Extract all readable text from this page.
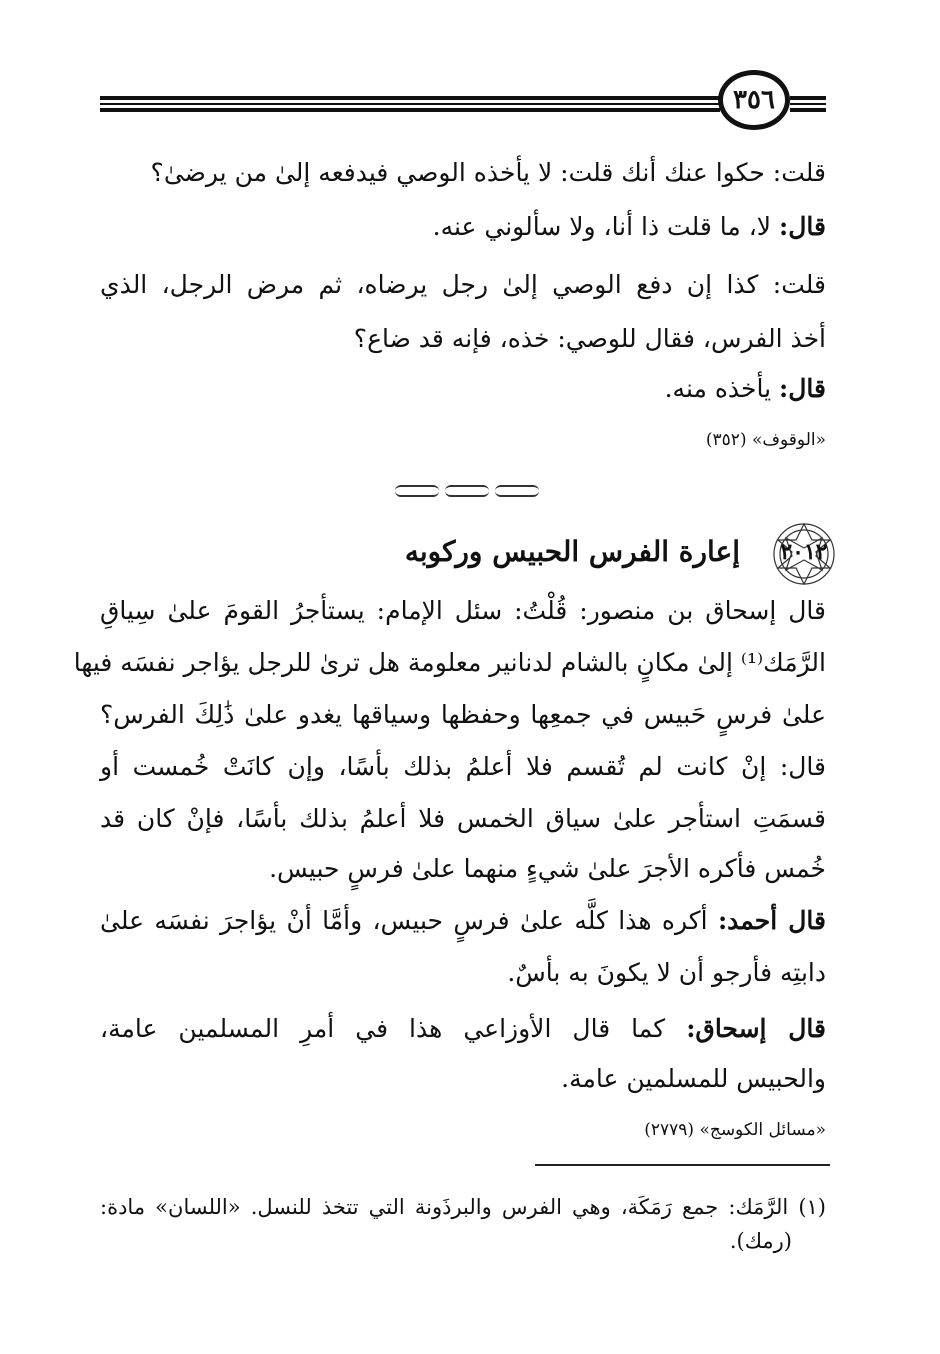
٣٥٦
قلت: حكوا عنك أنك قلت: لا يأخذه الوصي فيدفعه إلىٰ من يرضىٰ؟
قال: لا، ما قلت ذا أنا، ولا سألوني عنه.
قلت: كذا إن دفع الوصي إلىٰ رجل يرضاه، ثم مرض الرجل، الذي
أخذ الفرس، فقال للوصي: خذه، فإنه قد ضاع؟
قال: يأخذه منه.
«الوقوف» (٣٥٢)
٢٠١٢
إعارة الفرس الحبيس وركوبه
قال إسحاق بن منصور: قُلْتُ: سئل الإمام: يستأجرُ القومَ علىٰ سِياقِ
الرَّمَك⁽¹⁾ إلىٰ مكانٍ بالشام لدنانير معلومة هل ترىٰ للرجل يؤاجر نفسَه فيها
علىٰ فرسٍ حَبيس في جمعِها وحفظها وسياقها يغدو علىٰ ذَٰلِكَ الفرس؟
قال: إنْ كانت لم تُقسم فلا أعلمُ بذلك بأسًا، وإن كانَتْ خُمست أو
قسمَتِ استأجر علىٰ سياق الخمس فلا أعلمُ بذلك بأسًا، فإنْ كان قد
خُمس فأكره الأجرَ علىٰ شيءٍ منهما علىٰ فرسٍ حبيس.
قال أحمد: أكره هذا كلَّه علىٰ فرسٍ حبيس، وأمَّا أنْ يؤاجرَ نفسَه علىٰ
دابتِه فأرجو أن لا يكونَ به بأسٌ.
قال إسحاق: كما قال الأوزاعي هذا في أمرِ المسلمين عامة،
والحبيس للمسلمين عامة.
«مسائل الكوسج» (٢٧٧٩)
(١) الرَّمَك: جمع رَمَكَة، وهي الفرس والبرذَونة التي تتخذ للنسل. «اللسان» مادة:
(رمك).
